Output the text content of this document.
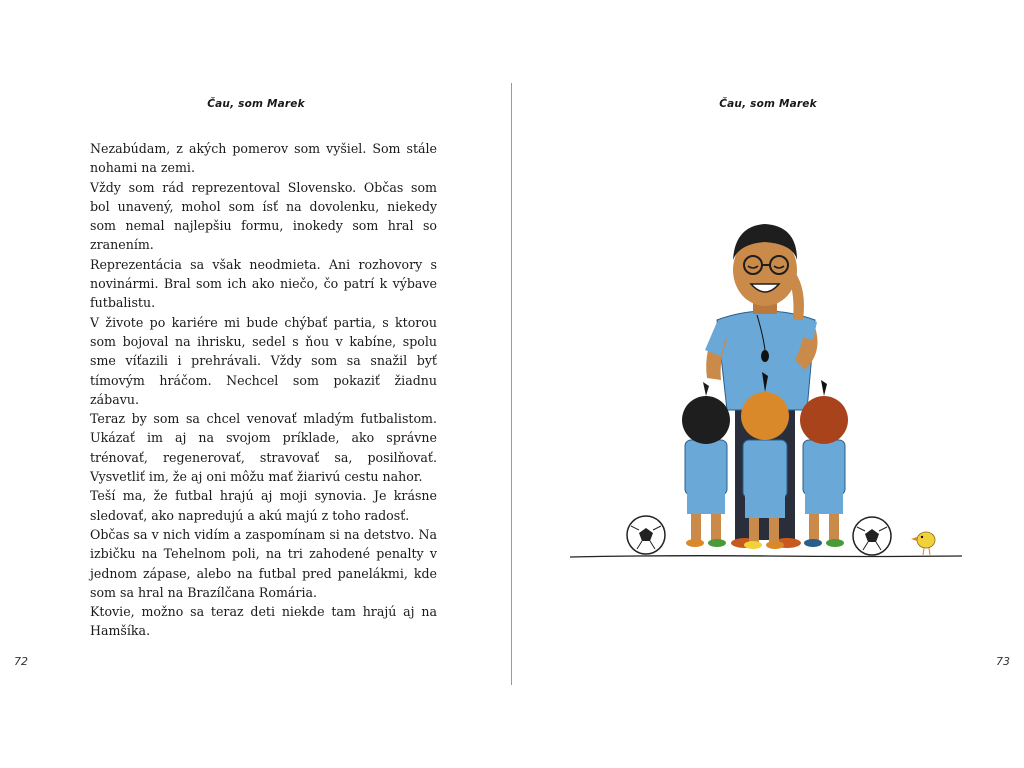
Čau, som Marek

Nezabúdam, z akých pomerov som vyšiel. Som stále nohami na zemi.

Vždy som rád reprezentoval Slovensko. Občas som bol unavený, mohol som ísť na dovolenku, niekedy som nemal najlepšiu formu, inokedy som hral so zranením.

Reprezentácia sa však neodmieta. Ani rozhovory s novinármi. Bral som ich ako niečo, čo patrí k výbave futbalistu.

V živote po kariére mi bude chýbať partia, s ktorou som bojoval na ihrisku, sedel s ňou v kabíne, spolu sme víťazili i prehrávali. Vždy som sa snažil byť tímovým hráčom. Nechcel som pokaziť žiadnu zábavu.

Teraz by som sa chcel venovať mladým futbalistom. Ukázať im aj na svojom príklade, ako správne trénovať, regenerovať, stravovať sa, posilňovať. Vysvetliť im, že aj oni môžu mať žiarivú cestu nahor.

Teší ma, že futbal hrajú aj moji synovia. Je krásne sledovať, ako napredujú a akú majú z toho radosť.

Občas sa v nich vidím a zaspomínam si na detstvo. Na izbičku na Tehelnom poli, na tri zahodené penalty v jednom zápase, alebo na futbal pred panelákmi, kde som sa hral na Brazílčana Romária.

Ktovie, možno sa teraz deti niekde tam hrajú aj na Hamšíka.

72
Čau, som Marek
73
